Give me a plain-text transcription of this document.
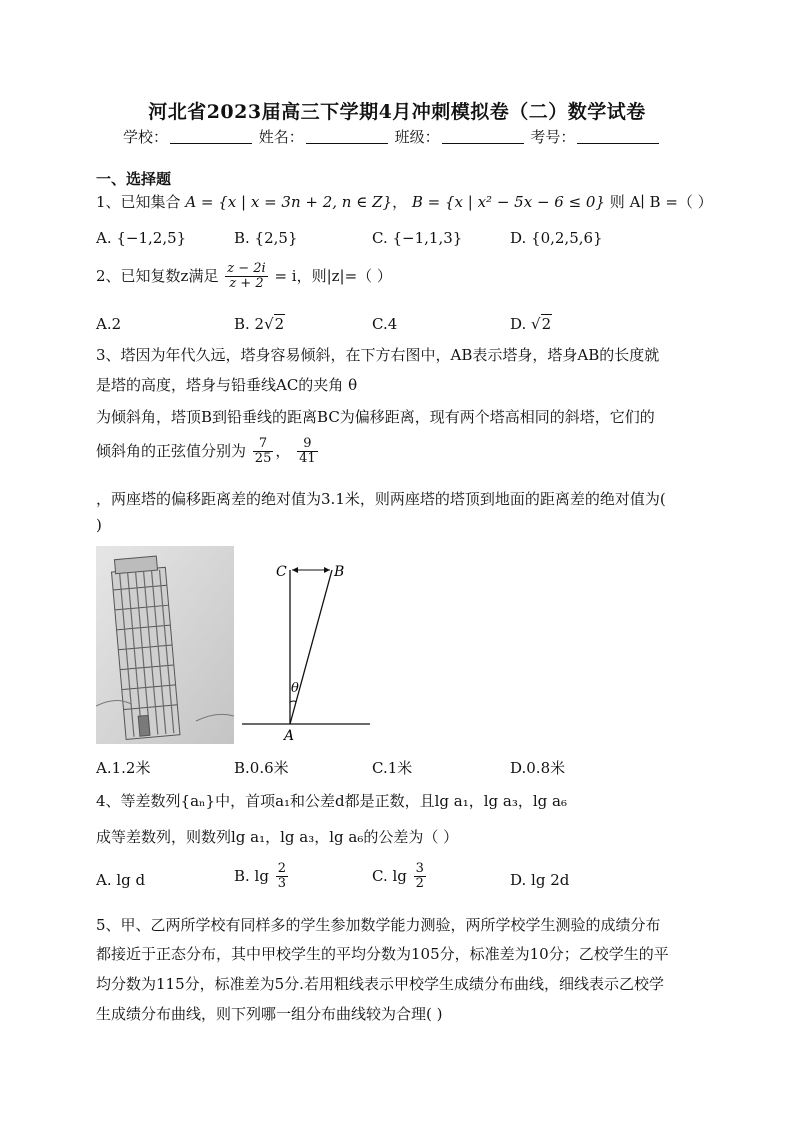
河北省2023届高三下学期4月冲刺模拟卷（二）数学试卷
学校：	姓名：	班级：	考号：
一、选择题
1、已知集合 A = {x | x = 3n + 2, n ∈ Z}， B = {x | x² − 5x − 6 ≤ 0} 则 A∣ B =（ ）
A. {−1,2,5}	B. {2,5}	C. {−1,1,3}	D. {0,2,5,6}
2、已知复数z满足 $\frac{z - 2i}{z + 2} = i$，则|z|=（ ）
A.2	B. 2√2	C.4	D. √2
3、塔因为年代久远，塔身容易倾斜，在下方右图中，AB表示塔身，塔身AB的长度就
是塔的高度，塔身与铅垂线AC的夹角 θ
为倾斜角，塔顶B到铅垂线的距离BC为偏移距离，现有两个塔高相同的斜塔，它们的
倾斜角的正弦值分别为 $\frac{7}{25}$ ， $\frac{9}{41}$
，两座塔的偏移距离差的绝对值为3.1米，则两座塔的塔顶到地面的距离差的绝对值为(
)
C	B
A
θ
A.1.2米	B.0.6米	C.1米	D.0.8米
4、等差数列{aₙ}中，首项a₁和公差d都是正数，且lg a₁，lg a₃，lg a₆
成等差数列，则数列lg a₁，lg a₃，lg a₆的公差为（ ）
A. lg d	B. $\lg \frac{2}{3}$	C. $\lg \frac{3}{2}$	D. lg 2d
5、甲、乙两所学校有同样多的学生参加数学能力测验，两所学校学生测验的成绩分布
都接近于正态分布，其中甲校学生的平均分数为105分，标准差为10分；乙校学生的平
均分数为115分，标准差为5分.若用粗线表示甲校学生成绩分布曲线，细线表示乙校学
生成绩分布曲线，则下列哪一组分布曲线较为合理( )
